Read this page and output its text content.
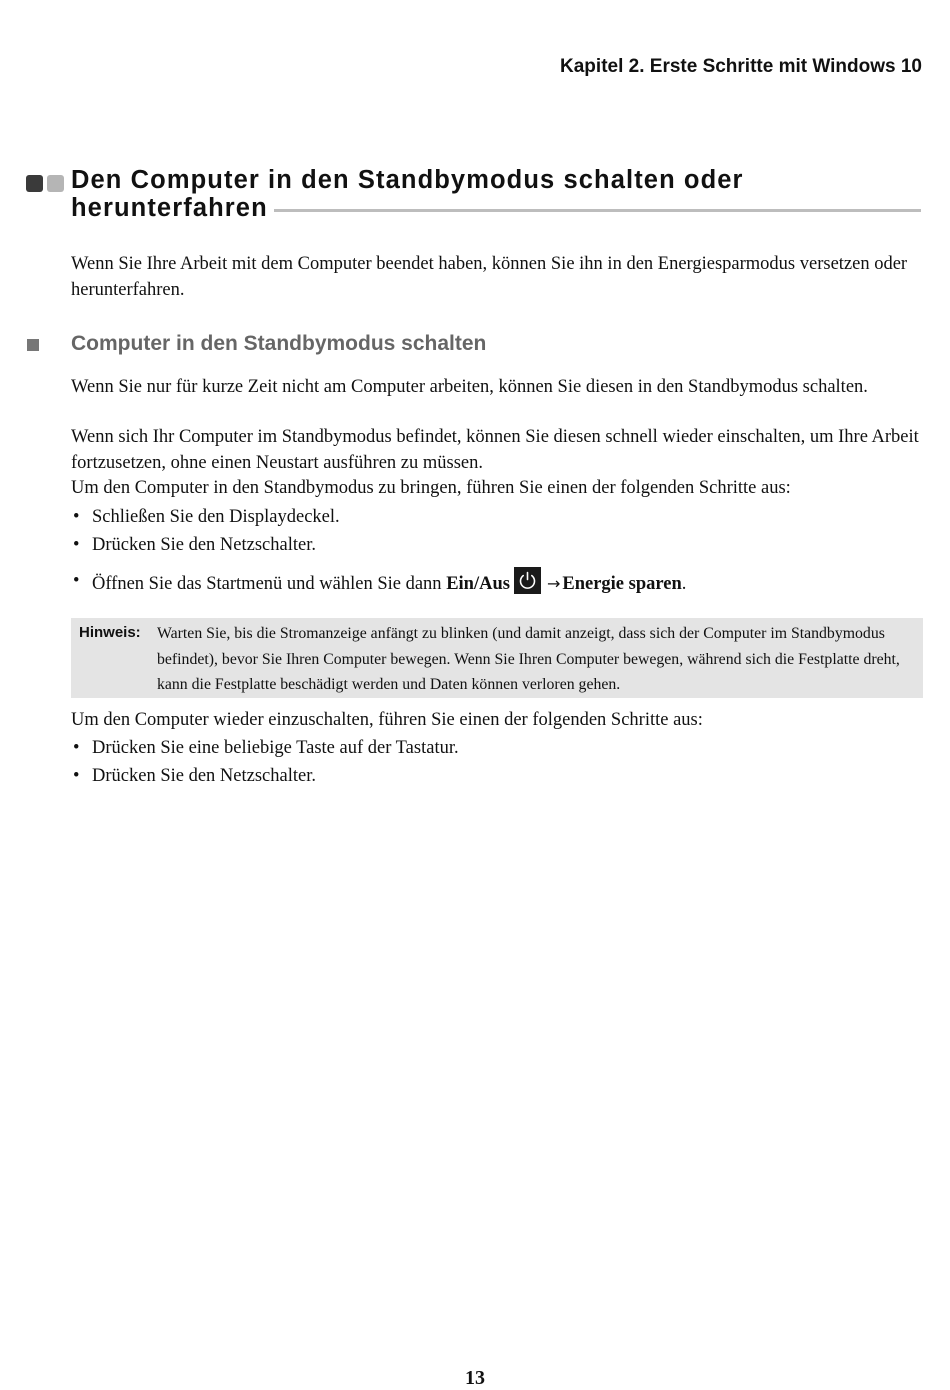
Kapitel 2. Erste Schritte mit Windows 10
Den Computer in den Standbymodus schalten oder
herunterfahren
Wenn Sie Ihre Arbeit mit dem Computer beendet haben, können Sie ihn in den Energiesparmodus versetzen oder herunterfahren.
Computer in den Standbymodus schalten
Wenn Sie nur für kurze Zeit nicht am Computer arbeiten, können Sie diesen in den Standbymodus schalten.
Wenn sich Ihr Computer im Standbymodus befindet, können Sie diesen schnell wieder einschalten, um Ihre Arbeit fortzusetzen, ohne einen Neustart ausführen zu müssen.
Um den Computer in den Standbymodus zu bringen, führen Sie einen der folgenden Schritte aus:
• Schließen Sie den Displaydeckel.
• Drücken Sie den Netzschalter.
• Öffnen Sie das Startmenü und wählen Sie dann Ein/Aus → Energie sparen.
Hinweis: Warten Sie, bis die Stromanzeige anfängt zu blinken (und damit anzeigt, dass sich der Computer im Standbymodus befindet), bevor Sie Ihren Computer bewegen. Wenn Sie Ihren Computer bewegen, während sich die Festplatte dreht, kann die Festplatte beschädigt werden und Daten können verloren gehen.
Um den Computer wieder einzuschalten, führen Sie einen der folgenden Schritte aus:
• Drücken Sie eine beliebige Taste auf der Tastatur.
• Drücken Sie den Netzschalter.
13
